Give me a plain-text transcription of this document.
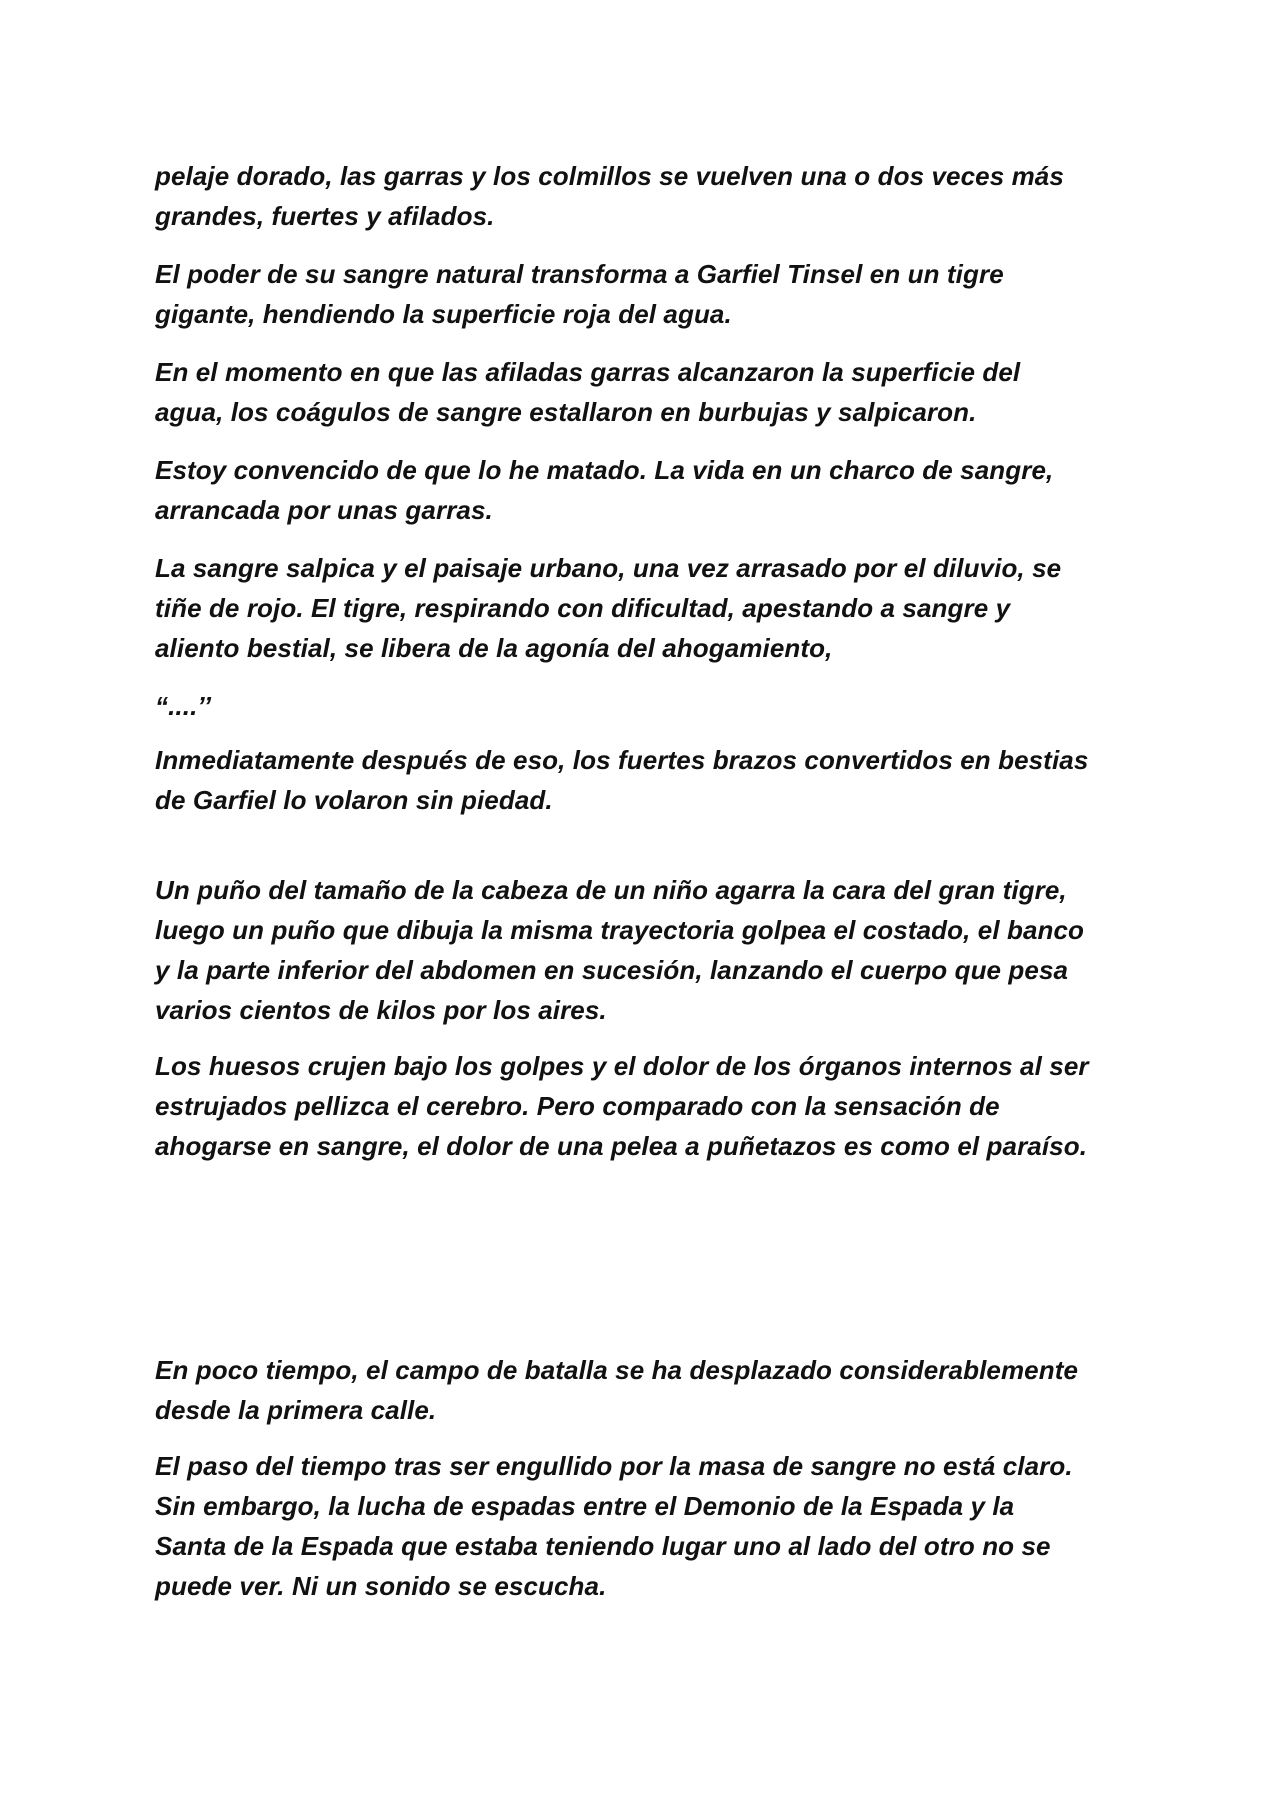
pelaje dorado, las garras y los colmillos se vuelven una o dos veces más
grandes, fuertes y afilados.

El poder de su sangre natural transforma a Garfiel Tinsel en un tigre
gigante, hendiendo la superficie roja del agua.

En el momento en que las afiladas garras alcanzaron la superficie del
agua, los coágulos de sangre estallaron en burbujas y salpicaron.

Estoy convencido de que lo he matado. La vida en un charco de sangre,
arrancada por unas garras.

La sangre salpica y el paisaje urbano, una vez arrasado por el diluvio, se
tiñe de rojo. El tigre, respirando con dificultad, apestando a sangre y
aliento bestial, se libera de la agonía del ahogamiento,

“....’’

Inmediatamente después de eso, los fuertes brazos convertidos en bestias
de Garfiel lo volaron sin piedad.

Un puño del tamaño de la cabeza de un niño agarra la cara del gran tigre,
luego un puño que dibuja la misma trayectoria golpea el costado, el banco
y la parte inferior del abdomen en sucesión, lanzando el cuerpo que pesa
varios cientos de kilos por los aires.

Los huesos crujen bajo los golpes y el dolor de los órganos internos al ser
estrujados pellizca el cerebro. Pero comparado con la sensación de
ahogarse en sangre, el dolor de una pelea a puñetazos es como el paraíso.

En poco tiempo, el campo de batalla se ha desplazado considerablemente
desde la primera calle.

El paso del tiempo tras ser engullido por la masa de sangre no está claro.
Sin embargo, la lucha de espadas entre el Demonio de la Espada y la
Santa de la Espada que estaba teniendo lugar uno al lado del otro no se
puede ver. Ni un sonido se escucha.
